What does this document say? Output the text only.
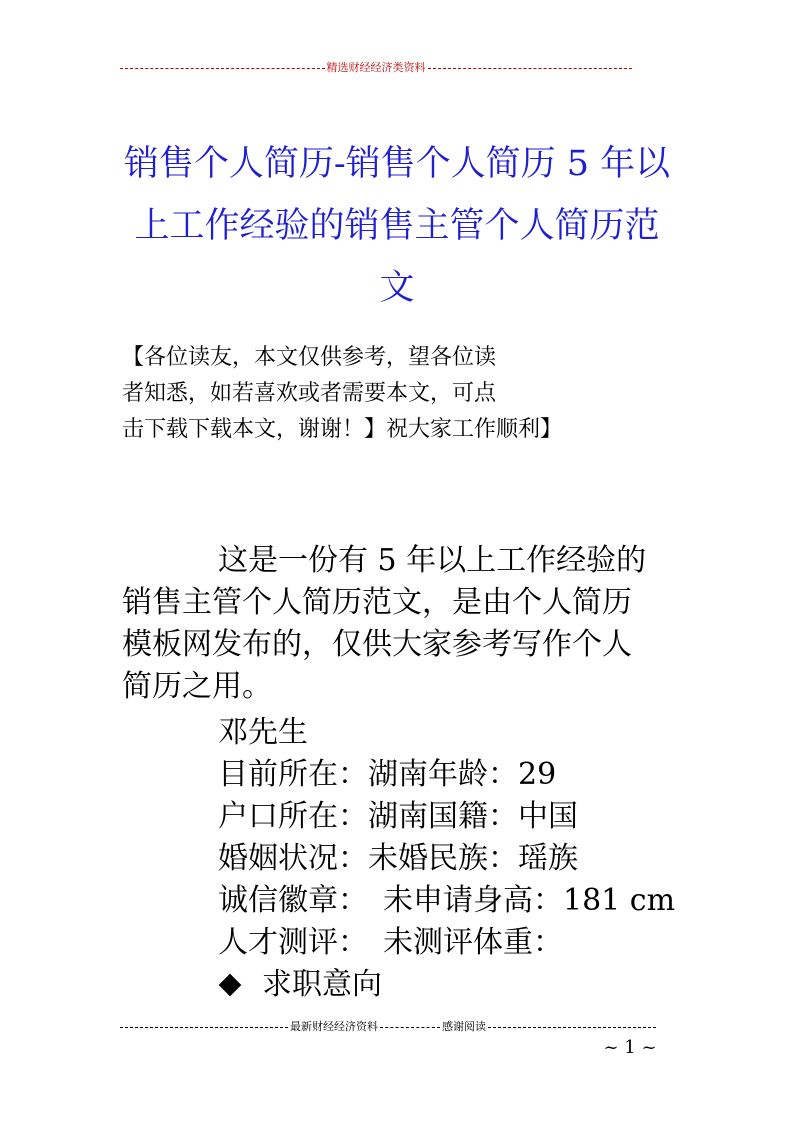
精选财经经济类资料
销售个人简历-销售个人简历 5 年以
上工作经验的销售主管个人简历范
文
【各位读友，本文仅供参考，望各位读
者知悉，如若喜欢或者需要本文，可点
击下载下载本文，谢谢！】祝大家工作顺利】
这是一份有 5 年以上工作经验的
销售主管个人简历范文，是由个人简历
模板网发布的，仅供大家参考写作个人
简历之用。
邓先生
目前所在：湖南年龄：29
户口所在：湖南国籍：中国
婚姻状况：未婚民族：瑶族
诚信徽章：　未申请身高：181 cm
人才测评：　未测评体重：
求职意向
最新财经经济资料	感谢阅读
~ 1 ~
